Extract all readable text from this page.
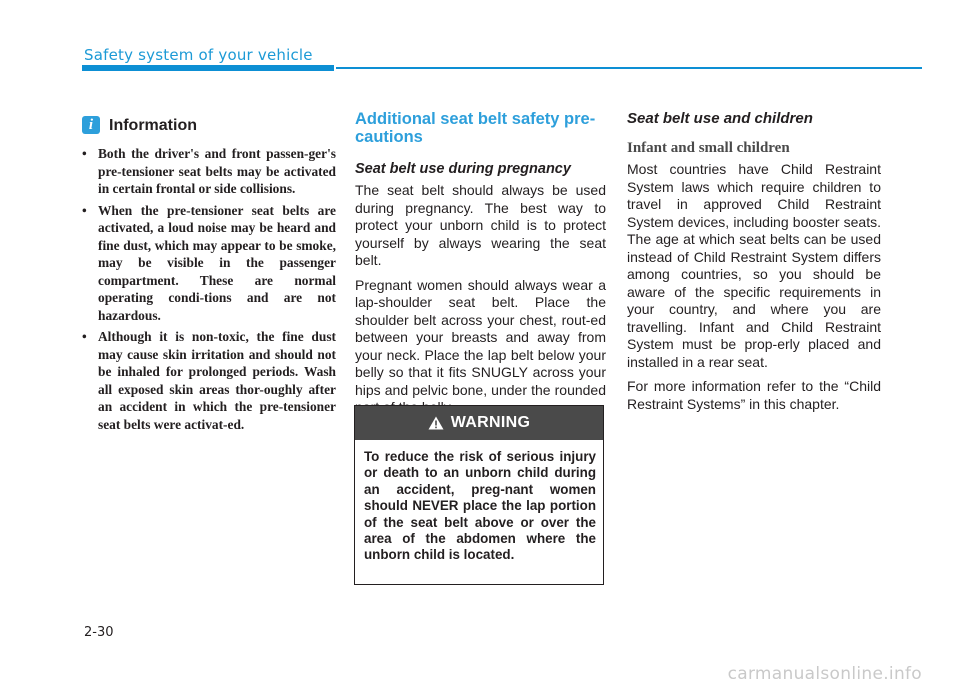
Safety system of your vehicle
i Information
• Both the driver's and front passen-ger's pre-tensioner seat belts may be activated in certain frontal or side collisions.
• When the pre-tensioner seat belts are activated, a loud noise may be heard and fine dust, which may appear to be smoke, may be visible in the passenger compartment. These are normal operating condi-tions and are not hazardous.
• Although it is non-toxic, the fine dust may cause skin irritation and should not be inhaled for prolonged periods. Wash all exposed skin areas thor-oughly after an accident in which the pre-tensioner seat belts were activat-ed.
Additional seat belt safety pre-cautions
Seat belt use during pregnancy

The seat belt should always be used during pregnancy. The best way to protect your unborn child is to protect yourself by always wearing the seat belt.

Pregnant women should always wear a lap-shoulder seat belt. Place the shoulder belt across your chest, rout-ed between your breasts and away from your neck. Place the lap belt below your belly so that it fits SNUGLY across your hips and pelvic bone, under the rounded

WARNING

To reduce the risk of serious injury or death to an unborn child during an accident, preg-nant women should NEVER place the lap portion of the seat belt above or over the area of the abdomen where the unborn child is located.

Seat belt use and children
Infant and small children

Most countries have Child Restraint System laws which require children to travel in approved Child Restraint System devices, including booster seats. The age at which seat belts can be used instead of Child Restraint System differs among countries, so you should be aware of the specific requirements in your country, and where you are travelling. Infant and Child Restraint System must be prop-erly placed and installed in a rear seat.

For more information refer to the “Child Restraint Systems” in this chapter.

2-30
carmanualsonline.info
